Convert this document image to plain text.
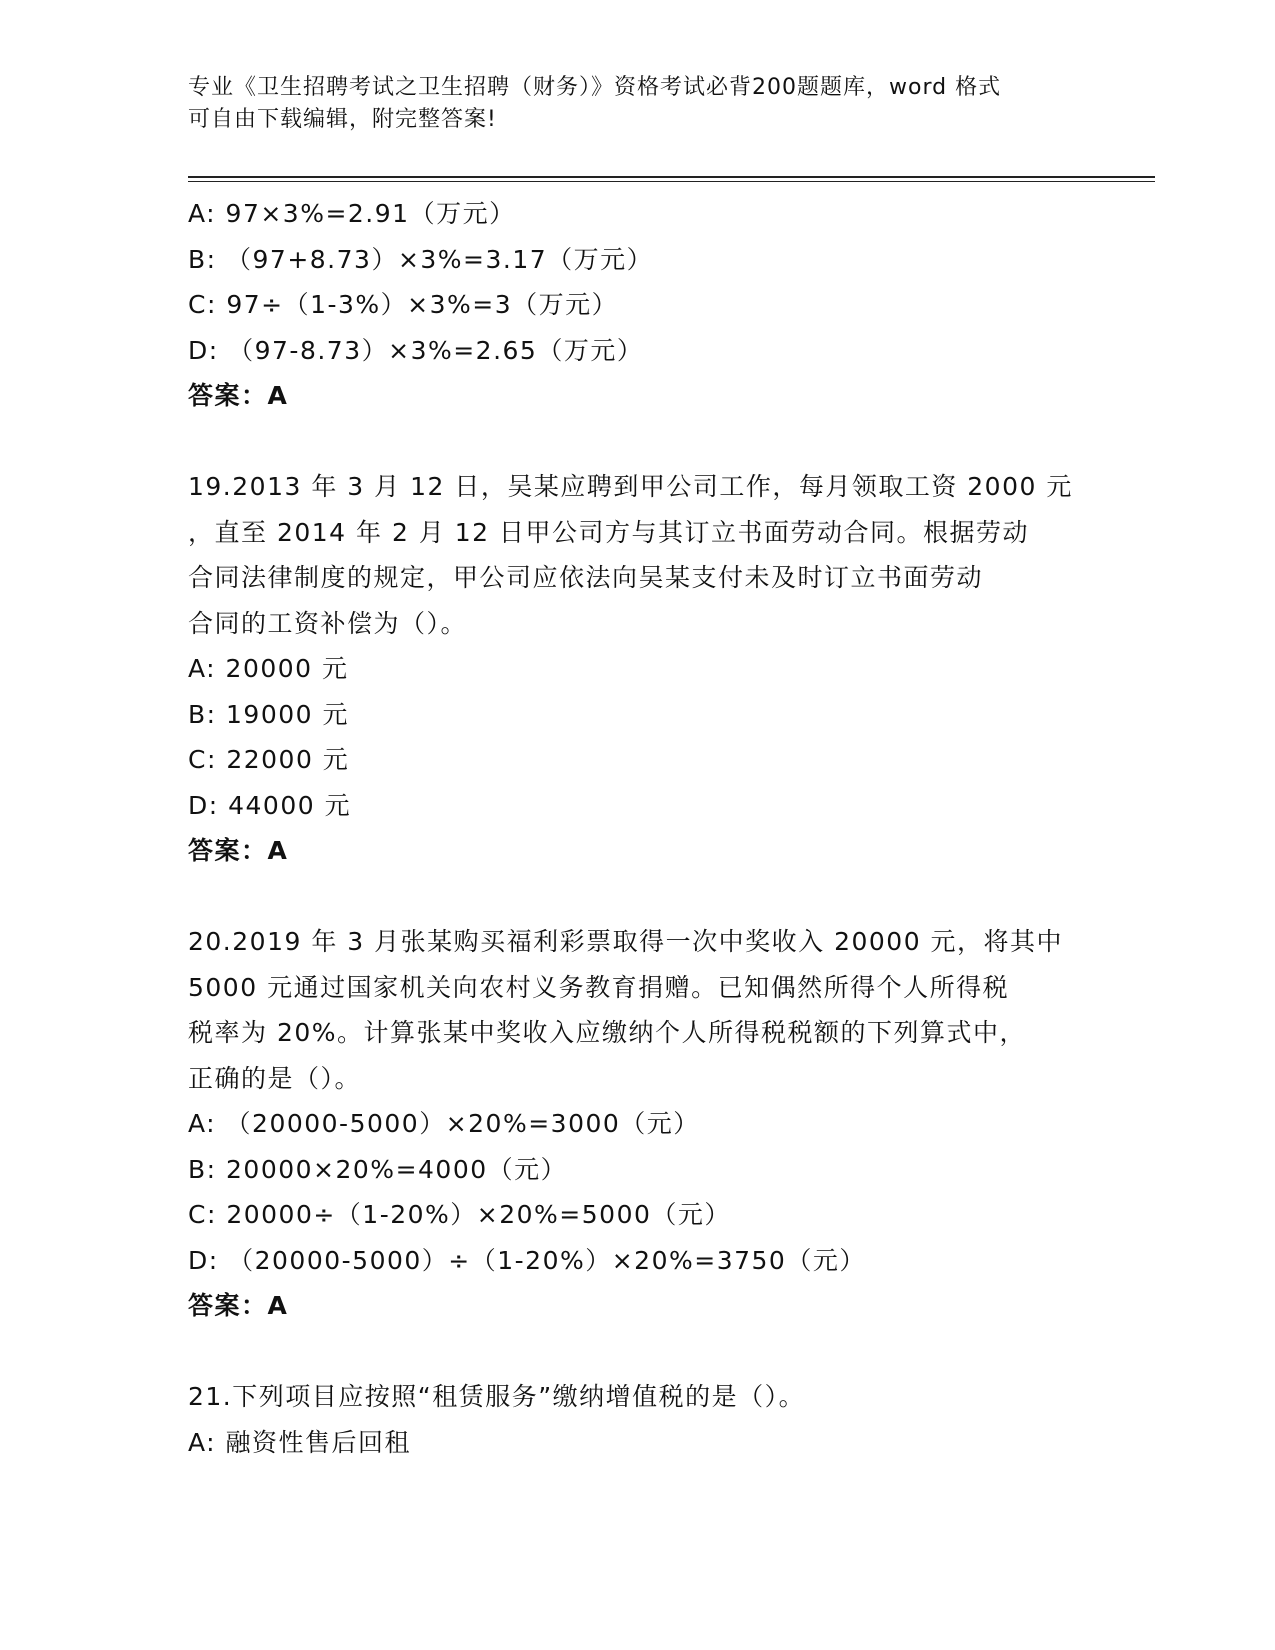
专业《卫生招聘考试之卫生招聘（财务）》资格考试必背200题题库，word 格式
可自由下载编辑，附完整答案!
A: 97×3%=2.91（万元）
B: （97+8.73）×3%=3.17（万元）
C: 97÷（1-3%）×3%=3（万元）
D: （97-8.73）×3%=2.65（万元）
答案：A
19.2013 年 3 月 12 日，吴某应聘到甲公司工作，每月领取工资 2000 元
，直至 2014 年 2 月 12 日甲公司方与其订立书面劳动合同。根据劳动
合同法律制度的规定，甲公司应依法向吴某支付未及时订立书面劳动
合同的工资补偿为（）。
A: 20000 元
B: 19000 元
C: 22000 元
D: 44000 元
答案：A
20.2019 年 3 月张某购买福利彩票取得一次中奖收入 20000 元，将其中
5000 元通过国家机关向农村义务教育捐赠。已知偶然所得个人所得税
税率为 20%。计算张某中奖收入应缴纳个人所得税税额的下列算式中，
正确的是（）。
A: （20000-5000）×20%=3000（元）
B: 20000×20%=4000（元）
C: 20000÷（1-20%）×20%=5000（元）
D: （20000-5000）÷（1-20%）×20%=3750（元）
答案：A
21.下列项目应按照“租赁服务”缴纳增值税的是（）。
A: 融资性售后回租
